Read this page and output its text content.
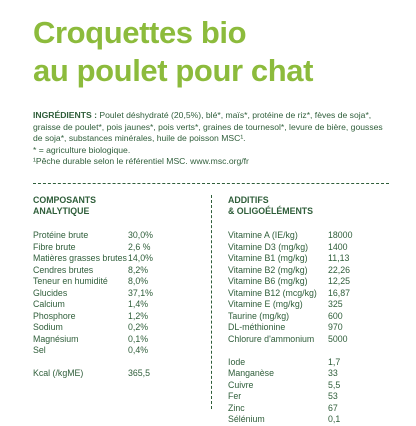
Croquettes bio
au poulet pour chat

INGRÉDIENTS : Poulet déshydraté (20,5%), blé*, maïs*, protéine de riz*, fèves de soja*, graisse de poulet*, pois jaunes*, pois verts*, graines de tournesol*, levure de bière, gousses de soja*, substances minérales, huile de poisson MSC¹.

* = agriculture biologique.

¹Pêche durable selon le référentiel MSC. www.msc.org/fr

COMPOSANTS
ANALYTIQUE
Protéine brute	30,0%
Fibre brute	2,6 %
Matières grasses brutes 14,0%
Cendres brutes	8,2%
Teneur en humidité	8,0%
Glucides	37,1%
Calcium	1,4%
Phosphore	1,2%
Sodium	0,2%
Magnésium	0,1%
Sel	0,4%
Kcal (/kgME)	365,5
ADDITIFS
& OLIGOÉLÉMENTS
Vitamine A (IE/kg)	18000
Vitamine D3 (mg/kg)	1400
Vitamine B1 (mg/kg)	11,13
Vitamine B2 (mg/kg)	22,26
Vitamine B6 (mg/kg)	12,25
Vitamine B12 (mcg/kg)	16,87
Vitamine E (mg/kg)	325
Taurine (mg/kg)	600
DL-méthionine	970
Chlorure d'ammonium	5000
Iode	1,7
Manganèse	33
Cuivre	5,5
Fer	53
Zinc	67
Sélénium	0,1
